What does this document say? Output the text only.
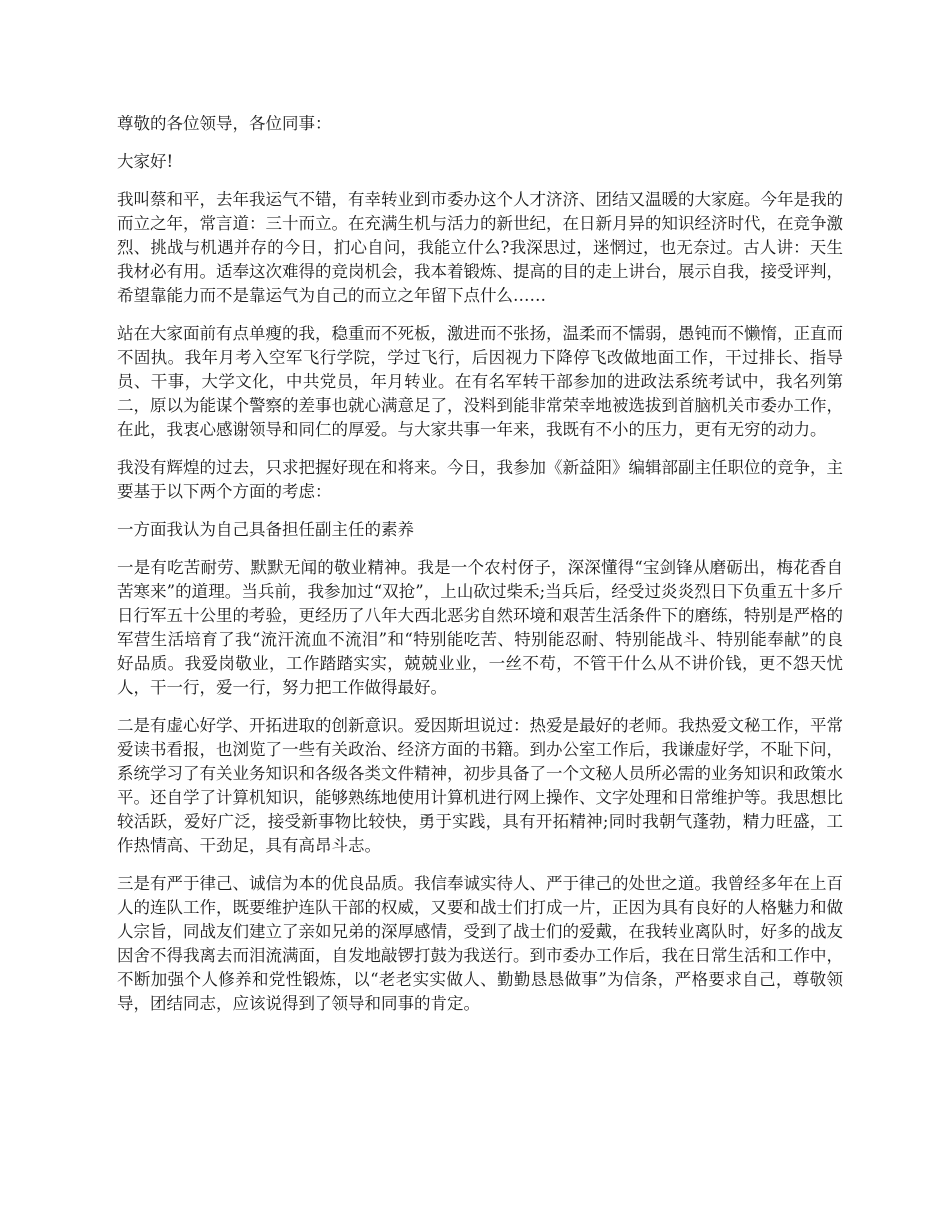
尊敬的各位领导，各位同事：

大家好!

我叫蔡和平，去年我运气不错，有幸转业到市委办这个人才济济、团结又温暖的大家庭。今年是我的而立之年，常言道：三十而立。在充满生机与活力的新世纪，在日新月异的知识经济时代，在竞争激烈、挑战与机遇并存的今日，扪心自问，我能立什么?我深思过，迷惘过，也无奈过。古人讲：天生我材必有用。适奉这次难得的竞岗机会，我本着锻炼、提高的目的走上讲台，展示自我，接受评判，希望靠能力而不是靠运气为自己的而立之年留下点什么……

站在大家面前有点单瘦的我，稳重而不死板，激进而不张扬，温柔而不懦弱，愚钝而不懒惰，正直而不固执。我年月考入空军飞行学院，学过飞行，后因视力下降停飞改做地面工作，干过排长、指导员、干事，大学文化，中共党员，年月转业。在有名军转干部参加的进政法系统考试中，我名列第二，原以为能谋个警察的差事也就心满意足了，没料到能非常荣幸地被选拔到首脑机关市委办工作，在此，我衷心感谢领导和同仁的厚爱。与大家共事一年来，我既有不小的压力，更有无穷的动力。

我没有辉煌的过去，只求把握好现在和将来。今日，我参加《新益阳》编辑部副主任职位的竞争，主要基于以下两个方面的考虑：

一方面我认为自己具备担任副主任的素养

一是有吃苦耐劳、默默无闻的敬业精神。我是一个农村伢子，深深懂得“宝剑锋从磨砺出，梅花香自苦寒来”的道理。当兵前，我参加过“双抢”，上山砍过柴禾;当兵后，经受过炎炎烈日下负重五十多斤日行军五十公里的考验，更经历了八年大西北恶劣自然环境和艰苦生活条件下的磨练，特别是严格的军营生活培育了我“流汗流血不流泪”和“特别能吃苦、特别能忍耐、特别能战斗、特别能奉献”的良好品质。我爱岗敬业，工作踏踏实实，兢兢业业，一丝不苟，不管干什么从不讲价钱，更不怨天忧人，干一行，爱一行，努力把工作做得最好。

二是有虚心好学、开拓进取的创新意识。爱因斯坦说过：热爱是最好的老师。我热爱文秘工作，平常爱读书看报，也浏览了一些有关政治、经济方面的书籍。到办公室工作后，我谦虚好学，不耻下问，系统学习了有关业务知识和各级各类文件精神，初步具备了一个文秘人员所必需的业务知识和政策水平。还自学了计算机知识，能够熟练地使用计算机进行网上操作、文字处理和日常维护等。我思想比较活跃，爱好广泛，接受新事物比较快，勇于实践，具有开拓精神;同时我朝气蓬勃，精力旺盛，工作热情高、干劲足，具有高昂斗志。

三是有严于律己、诚信为本的优良品质。我信奉诚实待人、严于律己的处世之道。我曾经多年在上百人的连队工作，既要维护连队干部的权威，又要和战士们打成一片，正因为具有良好的人格魅力和做人宗旨，同战友们建立了亲如兄弟的深厚感情，受到了战士们的爱戴，在我转业离队时，好多的战友因舍不得我离去而泪流满面，自发地敲锣打鼓为我送行。到市委办工作后，我在日常生活和工作中，不断加强个人修养和党性锻炼，以“老老实实做人、勤勤恳恳做事”为信条，严格要求自己，尊敬领导，团结同志，应该说得到了领导和同事的肯定。
